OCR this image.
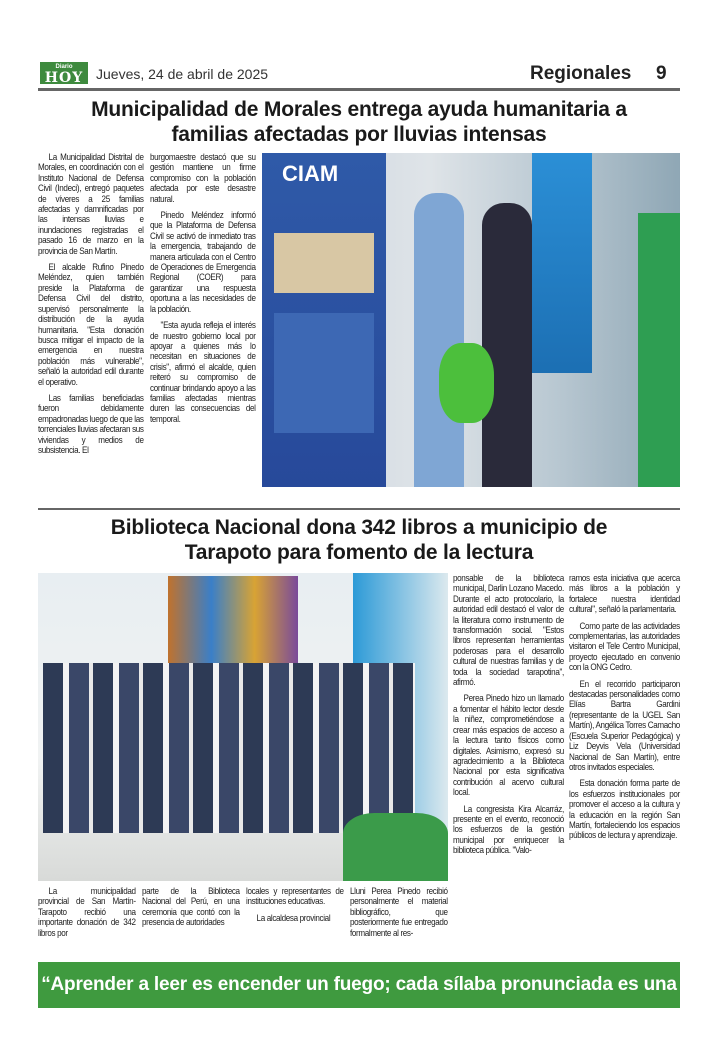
Diario
HOY Jueves, 24 de abril de 2025	Regionales 9
Municipalidad de Morales entrega ayuda humanitaria a familias afectadas por lluvias intensas

La Municipalidad Distrital de Morales, en coordinación con el Instituto Nacional de Defensa Civil (Indeci), entregó paquetes de víveres a 25 familias afectadas y damnificadas por las intensas lluvias e inundaciones registradas el pasado 16 de marzo en la provincia de San Martín.

El alcalde Rufino Pinedo Meléndez, quien también preside la Plataforma de Defensa Civil del distrito, supervisó personalmente la distribución de la ayuda humanitaria. "Esta donación busca mitigar el impacto de la emergencia en nuestra población más vulnerable", señaló la autoridad edil durante el operativo.

Las familias beneficiadas fueron debidamente empadronadas luego de que las torrenciales lluvias afectaran sus viviendas y medios de subsistencia. El

burgomaestre destacó que su gestión mantiene un firme compromiso con la población afectada por este desastre natural.

Pinedo Meléndez informó que la Plataforma de Defensa Civil se activó de inmediato tras la emergencia, trabajando de manera articulada con el Centro de Operaciones de Emergencia Regional (COER) para garantizar una respuesta oportuna a las necesidades de la población.

"Esta ayuda refleja el interés de nuestro gobierno local por apoyar a quienes más lo necesitan en situaciones de crisis", afirmó el alcalde, quien reiteró su compromiso de continuar brindando apoyo a las familias afectadas mientras duren las consecuencias del temporal.

CIAM
Biblioteca Nacional dona 342 libros a municipio de Tarapoto para fomento de la lectura

ponsable de la biblioteca municipal, Darlin Lozano Macedo. Durante el acto protocolario, la autoridad edil destacó el valor de la literatura como instrumento de transformación social. "Estos libros representan herramientas poderosas para el desarrollo cultural de nuestras familias y de toda la sociedad tarapotina", afirmó.

Perea Pinedo hizo un llamado a fomentar el hábito lector desde la niñez, comprometiéndose a crear más espacios de acceso a la lectura tanto físicos como digitales. Asimismo, expresó su agradecimiento a la Biblioteca Nacional por esta significativa contribución al acervo cultural local.

La congresista Kira Alcarráz, presente en el evento, reconoció los esfuerzos de la gestión municipal por enriquecer la biblioteca pública. "Valo-

ramos esta iniciativa que acerca más libros a la población y fortalece nuestra identidad cultural", señaló la parlamentaria.

Como parte de las actividades complementarias, las autoridades visitaron el Tele Centro Municipal, proyecto ejecutado en convenio con la ONG Cedro.

En el recorrido participaron destacadas personalidades como Elías Bartra Gardini (representante de la UGEL San Martín), Angélica Torres Camacho (Escuela Superior Pedagógica) y Liz Deyvis Vela (Universidad Nacional de San Martín), entre otros invitados especiales.

Esta donación forma parte de los esfuerzos institucionales por promover el acceso a la cultura y la educación en la región San Martín, fortaleciendo los espacios públicos de lectura y aprendizaje.

La municipalidad provincial de San Martín-Tarapoto recibió una importante donación de 342 libros por

parte de la Biblioteca Nacional del Perú, en una ceremonia que contó con la presencia de autoridades

locales y representantes de instituciones educativas.

La alcaldesa provincial

Lluni Perea Pinedo recibió personalmente el material bibliográfico, que posteriormente fue entregado formalmente al res-

“Aprender a leer es encender un fuego; cada sílaba pronunciada es una chispa”.
